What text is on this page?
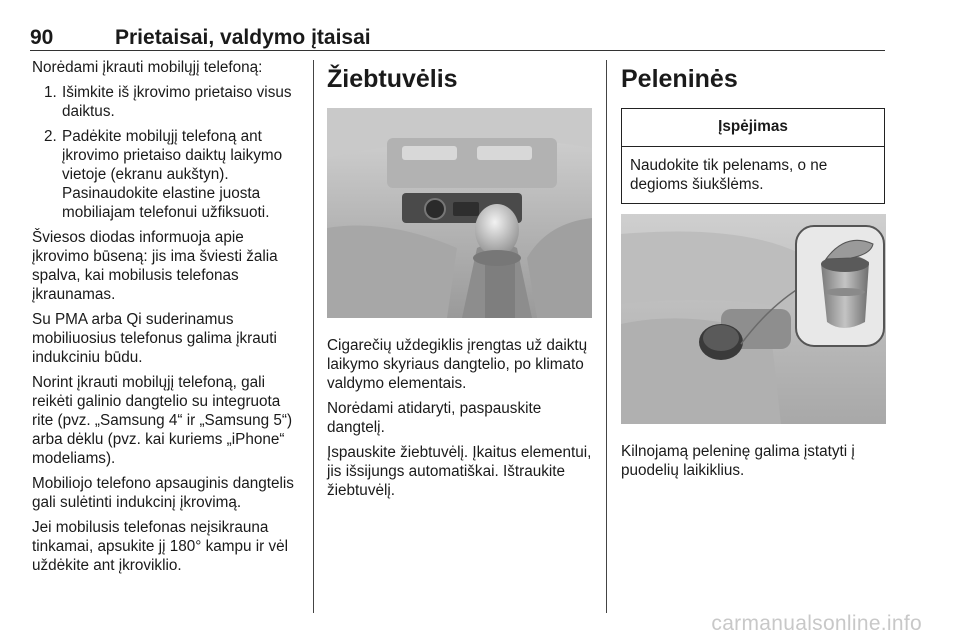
90	Prietaisai, valdymo įtaisai

Norėdami įkrauti mobilųjį telefoną:

1. Išimkite iš įkrovimo prietaiso visus daiktus.
2. Padėkite mobilųjį telefoną ant įkrovimo prietaiso daiktų laikymo vietoje (ekranu aukštyn). Pasinaudokite elastine juosta mobiliajam telefonui užfiksuoti.

Šviesos diodas informuoja apie įkrovimo būseną: jis ima šviesti žalia spalva, kai mobilusis telefonas įkraunamas.

Su PMA arba Qi suderinamus mobiliuosius telefonus galima įkrauti indukciniu būdu.

Norint įkrauti mobilųjį telefoną, gali reikėti galinio dangtelio su integruota rite (pvz. „Samsung 4“ ir „Samsung 5“) arba dėklu (pvz. kai kuriems „iPhone“ modeliams).

Mobiliojo telefono apsauginis dangtelis gali sulėtinti indukcinį įkrovimą.

Jei mobilusis telefonas neįsikrauna tinkamai, apsukite jį 180° kampu ir vėl uždėkite ant įkroviklio.

Žiebtuvėlis

Cigarečių uždegiklis įrengtas už daiktų laikymo skyriaus dangtelio, po klimato valdymo elementais.

Norėdami atidaryti, paspauskite dangtelį.

Įspauskite žiebtuvėlį. Įkaitus elementui, jis išsijungs automatiškai. Ištraukite žiebtuvėlį.

Peleninės
Įspėjimas
Naudokite tik pelenams, o ne degioms šiukšlėms.

Kilnojamą peleninę galima įstatyti į puodelių laikiklius.

carmanualsonline.info
